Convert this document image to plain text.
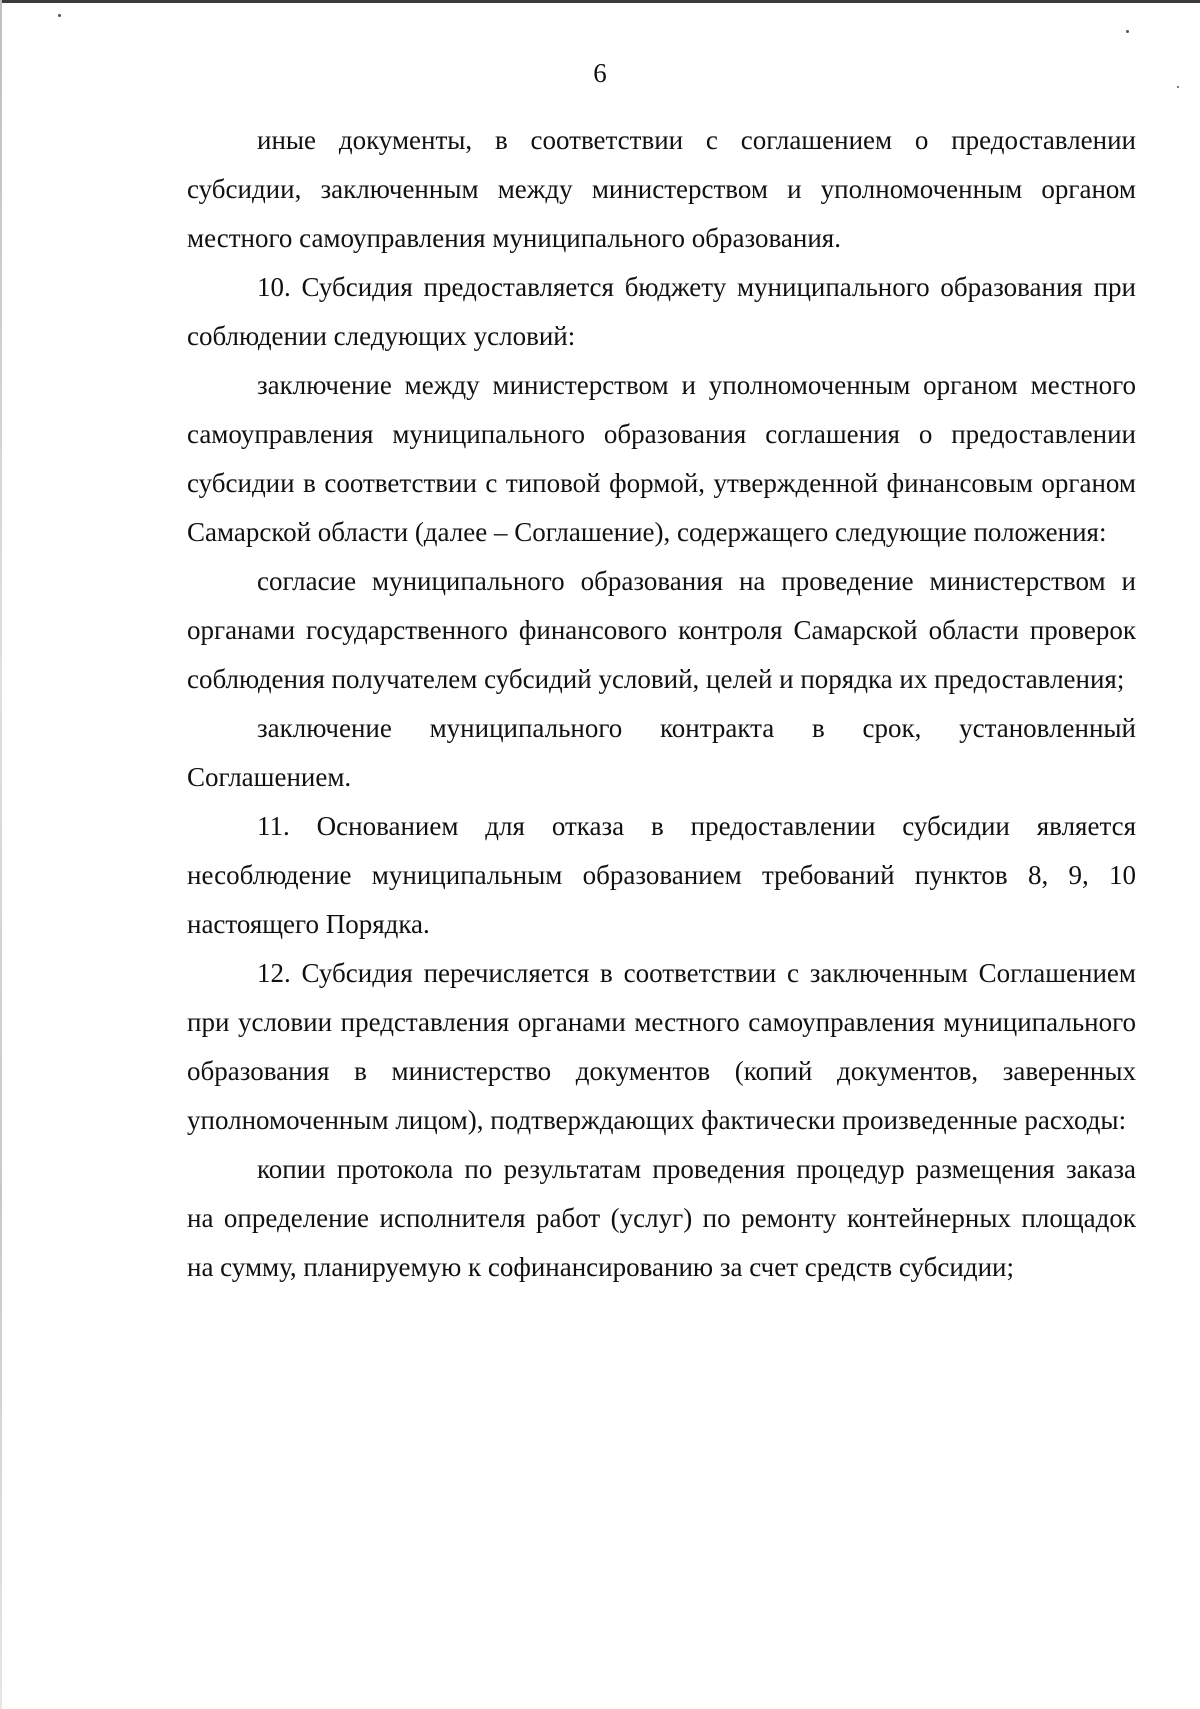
6

иные документы, в соответствии с соглашением о предоставлении субсидии, заключенным между министерством и уполномоченным органом местного самоуправления муниципального образования.

10. Субсидия предоставляется бюджету муниципального образования при соблюдении следующих условий:

заключение между министерством и уполномоченным органом местного самоуправления муниципального образования соглашения о предоставлении субсидии в соответствии с типовой формой, утвержденной финансовым органом Самарской области (далее – Соглашение), содержащего следующие положения:

согласие муниципального образования на проведение министерством и органами государственного финансового контроля Самарской области проверок соблюдения получателем субсидий условий, целей и порядка их предоставления;

заключение муниципального контракта в срок, установленный Соглашением.

11. Основанием для отказа в предоставлении субсидии является несоблюдение муниципальным образованием требований пунктов 8, 9, 10 настоящего Порядка.

12. Субсидия перечисляется в соответствии с заключенным Соглашением при условии представления органами местного самоуправления муниципального образования в министерство документов (копий документов, заверенных уполномоченным лицом), подтверждающих фактически произведенные расходы:

копии протокола по результатам проведения процедур размещения заказа на определение исполнителя работ (услуг) по ремонту контейнерных площадок на сумму, планируемую к софинансированию за счет средств субсидии;
